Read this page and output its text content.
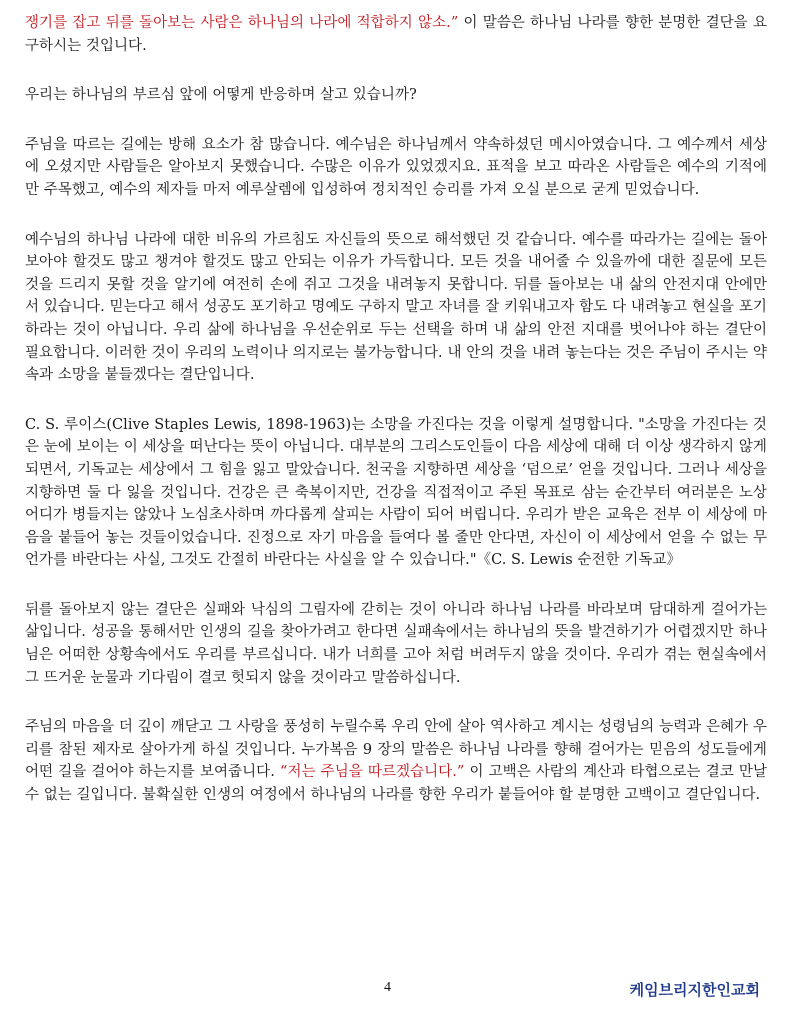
쟁기를 잡고 뒤를 돌아보는 사람은 하나님의 나라에 적합하지 않소.” 이 말씀은 하나님 나라를 향한 분명한 결단을 요구하시는 것입니다.

우리는 하나님의 부르심 앞에 어떻게 반응하며 살고 있습니까?

주님을 따르는 길에는 방해 요소가 참 많습니다. 예수님은 하나님께서 약속하셨던 메시아였습니다. 그 예수께서 세상에 오셨지만 사람들은 알아보지 못했습니다. 수많은 이유가 있었겠지요. 표적을 보고 따라온 사람들은 예수의 기적에만 주목했고, 예수의 제자들 마저 예루살렘에 입성하여 정치적인 승리를 가져 오실 분으로 굳게 믿었습니다.

예수님의 하나님 나라에 대한 비유의 가르침도 자신들의 뜻으로 해석했던 것 같습니다. 예수를 따라가는 길에는 돌아보아야 할것도 많고 챙겨야 할것도 많고 안되는 이유가 가득합니다. 모든 것을 내어줄 수 있을까에 대한 질문에 모든 것을 드리지 못할 것을 알기에 여전히 손에 쥐고 그것을 내려놓지 못합니다. 뒤를 돌아보는 내 삶의 안전지대 안에만 서 있습니다. 믿는다고 해서 성공도 포기하고 명예도 구하지 말고 자녀를 잘 키워내고자 함도 다 내려놓고 현실을 포기하라는 것이 아닙니다. 우리 삶에 하나님을 우선순위로 두는 선택을 하며 내 삶의 안전 지대를 벗어나야 하는 결단이 필요합니다. 이러한 것이 우리의 노력이나 의지로는 불가능합니다. 내 안의 것을 내려 놓는다는 것은 주님이 주시는 약속과 소망을 붙들겠다는 결단입니다.

C. S. 루이스(Clive Staples Lewis, 1898-1963)는 소망을 가진다는 것을 이렇게 설명합니다. "소망을 가진다는 것은 눈에 보이는 이 세상을 떠난다는 뜻이 아닙니다. 대부분의 그리스도인들이 다음 세상에 대해 더 이상 생각하지 않게 되면서, 기독교는 세상에서 그 힘을 잃고 말았습니다. 천국을 지향하면 세상을 ‘덤으로’ 얻을 것입니다. 그러나 세상을 지향하면 둘 다 잃을 것입니다. 건강은 큰 축복이지만, 건강을 직접적이고 주된 목표로 삼는 순간부터 여러분은 노상 어디가 병들지는 않았나 노심초사하며 까다롭게 살피는 사람이 되어 버립니다. 우리가 받은 교육은 전부 이 세상에 마음을 붙들어 놓는 것들이었습니다. 진정으로 자기 마음을 들여다 볼 줄만 안다면, 자신이 이 세상에서 얻을 수 없는 무언가를 바란다는 사실, 그것도 간절히 바란다는 사실을 알 수 있습니다."《C. S. Lewis 순전한 기독교》

뒤를 돌아보지 않는 결단은 실패와 낙심의 그림자에 갇히는 것이 아니라 하나님 나라를 바라보며 담대하게 걸어가는 삶입니다. 성공을 통해서만 인생의 길을 찾아가려고 한다면 실패속에서는 하나님의 뜻을 발견하기가 어렵겠지만 하나님은 어떠한 상황속에서도 우리를 부르십니다. 내가 너희를 고아 처럼 버려두지 않을 것이다. 우리가 겪는 현실속에서 그 뜨거운 눈물과 기다림이 결코 헛되지 않을 것이라고 말씀하십니다.

주님의 마음을 더 깊이 깨닫고 그 사랑을 풍성히 누릴수록 우리 안에 살아 역사하고 계시는 성령님의 능력과 은혜가 우리를 참된 제자로 살아가게 하실 것입니다. 누가복음 9 장의 말씀은 하나님 나라를 향해 걸어가는 믿음의 성도들에게 어떤 길을 걸어야 하는지를 보여줍니다. “저는 주님을 따르겠습니다.” 이 고백은 사람의 계산과 타협으로는 결코 만날 수 없는 길입니다. 불확실한 인생의 여정에서 하나님의 나라를 향한 우리가 붙들어야 할 분명한 고백이고 결단입니다.

4	케임브리지한인교회
